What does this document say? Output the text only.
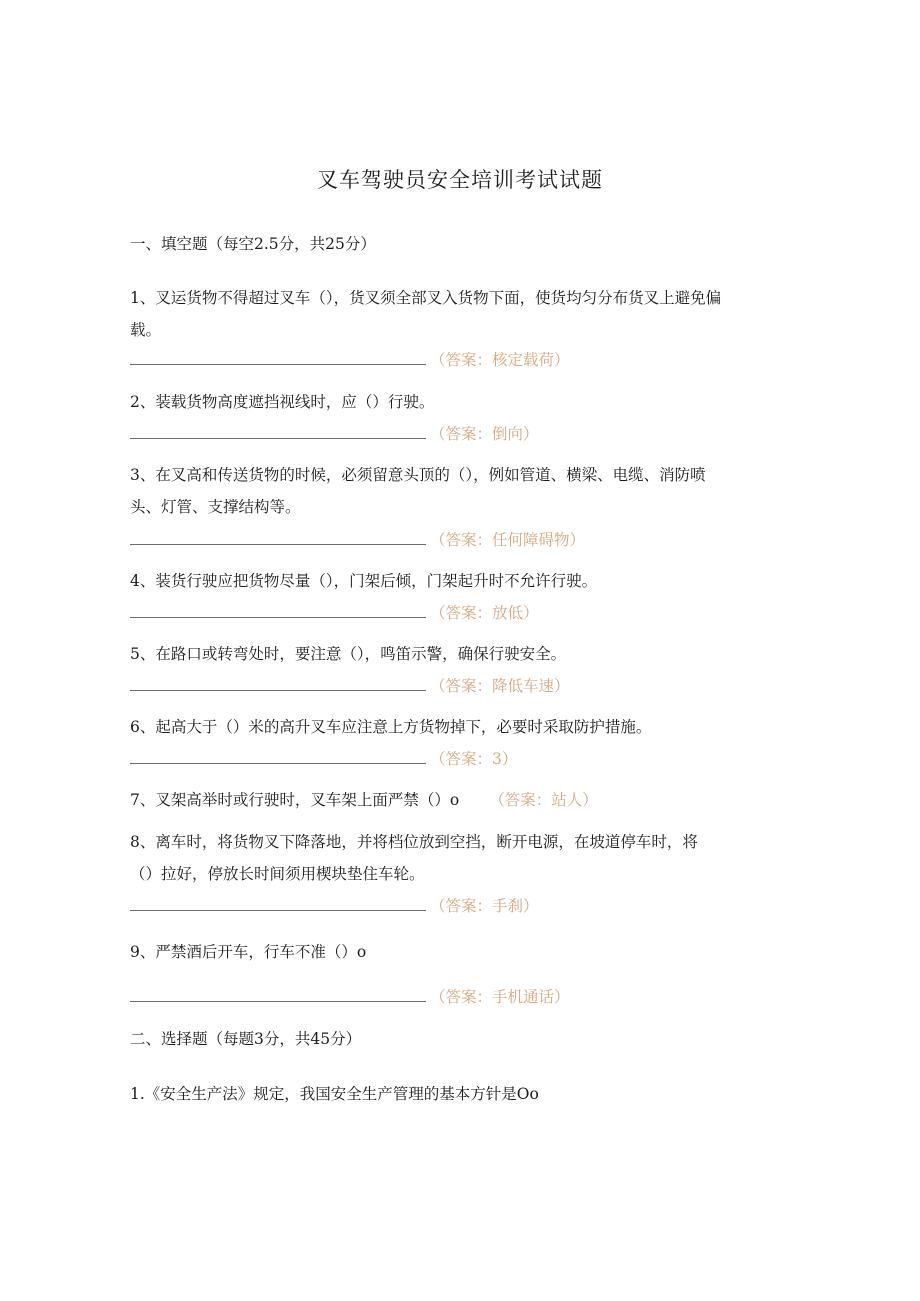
叉车驾驶员安全培训考试试题
一、填空题（每空2.5分，共25分）
1、叉运货物不得超过叉车（），货叉须全部叉入货物下面，使货均匀分布货叉上避免偏
载。
（答案：核定载荷）
2、装载货物高度遮挡视线时，应（）行驶。
（答案：倒向）
3、在叉高和传送货物的时候，必须留意头顶的（），例如管道、横梁、电缆、消防喷
头、灯管、支撑结构等。
（答案：任何障碍物）
4、装货行驶应把货物尽量（），门架后倾，门架起升时不允许行驶。
（答案：放低）
5、在路口或转弯处时，要注意（），鸣笛示警，确保行驶安全。
（答案：降低车速）
6、起高大于（）米的高升叉车应注意上方货物掉下，必要时采取防护措施。
（答案：3）
7、叉架高举时或行驶时，叉车架上面严禁（）o （答案：站人）
8、离车时，将货物叉下降落地，并将档位放到空挡，断开电源，在坡道停车时，将
（）拉好，停放长时间须用楔块垫住车轮。
（答案：手刹）
9、严禁酒后开车，行车不准（）o
（答案：手机通话）
二、选择题（每题3分，共45分）
1.《安全生产法》规定，我国安全生产管理的基本方针是Oo
